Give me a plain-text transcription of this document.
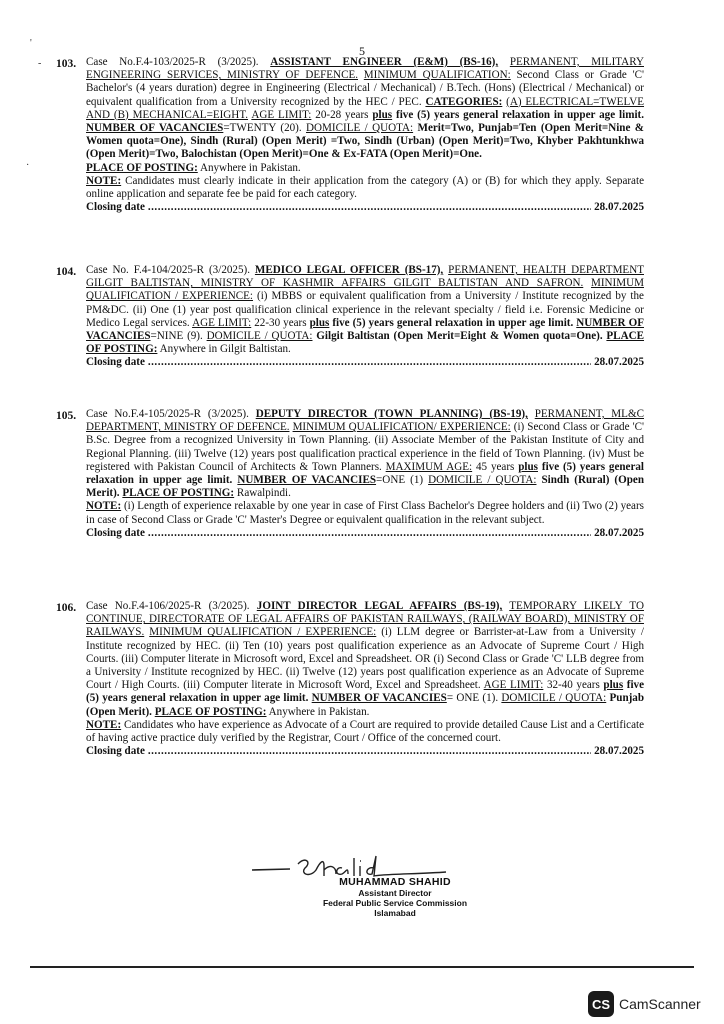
5
'
-
·
103. Case No.F.4-103/2025-R (3/2025). ASSISTANT ENGINEER (E&M) (BS-16), PERMANENT, MILITARY ENGINEERING SERVICES, MINISTRY OF DEFENCE. MINIMUM QUALIFICATION: Second Class or Grade 'C' Bachelor's (4 years duration) degree in Engineering (Electrical / Mechanical) / B.Tech. (Hons) (Electrical / Mechanical) or equivalent qualification from a University recognized by the HEC / PEC. CATEGORIES: (A) ELECTRICAL=TWELVE AND (B) MECHANICAL=EIGHT. AGE LIMIT: 20-28 years plus five (5) years general relaxation in upper age limit. NUMBER OF VACANCIES=TWENTY (20). DOMICILE / QUOTA: Merit=Two, Punjab=Ten (Open Merit=Nine & Women quota=One), Sindh (Rural) (Open Merit) =Two, Sindh (Urban) (Open Merit)=Two, Khyber Pakhtunkhwa (Open Merit)=Two, Balochistan (Open Merit)=One & Ex-FATA (Open Merit)=One.
PLACE OF POSTING: Anywhere in Pakistan.
NOTE: Candidates must clearly indicate in their application from the category (A) or (B) for which they apply. Separate online application and separate fee be paid for each category.
Closing date .....	28.07.2025
104. Case No. F.4-104/2025-R (3/2025). MEDICO LEGAL OFFICER (BS-17), PERMANENT, HEALTH DEPARTMENT GILGIT BALTISTAN, MINISTRY OF KASHMIR AFFAIRS GILGIT BALTISTAN AND SAFRON. MINIMUM QUALIFICATION / EXPERIENCE: (i) MBBS or equivalent qualification from a University / Institute recognized by the PM&DC. (ii) One (1) year post qualification clinical experience in the relevant specialty / field i.e. Forensic Medicine or Medico Legal services. AGE LIMIT: 22-30 years plus five (5) years general relaxation in upper age limit. NUMBER OF VACANCIES=NINE (9). DOMICILE / QUOTA: Gilgit Baltistan (Open Merit=Eight & Women quota=One). PLACE OF POSTING: Anywhere in Gilgit Baltistan.
Closing date .....	28.07.2025
105. Case No.F.4-105/2025-R (3/2025). DEPUTY DIRECTOR (TOWN PLANNING) (BS-19), PERMANENT, ML&C DEPARTMENT, MINISTRY OF DEFENCE. MINIMUM QUALIFICATION/ EXPERIENCE: (i) Second Class or Grade 'C' B.Sc. Degree from a recognized University in Town Planning. (ii) Associate Member of the Pakistan Institute of City and Regional Planning. (iii) Twelve (12) years post qualification practical experience in the field of Town Planning. (iv) Must be registered with Pakistan Council of Architects & Town Planners. MAXIMUM AGE: 45 years plus five (5) years general relaxation in upper age limit. NUMBER OF VACANCIES=ONE (1) DOMICILE / QUOTA: Sindh (Rural) (Open Merit). PLACE OF POSTING: Rawalpindi.
NOTE: (i) Length of experience relaxable by one year in case of First Class Bachelor's Degree holders and (ii) Two (2) years in case of Second Class or Grade 'C' Master's Degree or equivalent qualification in the relevant subject.
Closing date .....	28.07.2025
106. Case No.F.4-106/2025-R (3/2025). JOINT DIRECTOR LEGAL AFFAIRS (BS-19), TEMPORARY LIKELY TO CONTINUE, DIRECTORATE OF LEGAL AFFAIRS OF PAKISTAN RAILWAYS, (RAILWAY BOARD), MINISTRY OF RAILWAYS. MINIMUM QUALIFICATION / EXPERIENCE: (i) LLM degree or Barrister-at-Law from a University / Institute recognized by HEC. (ii) Ten (10) years post qualification experience as an Advocate of Supreme Court / High Courts. (iii) Computer literate in Microsoft word, Excel and Spreadsheet. OR (i) Second Class or Grade 'C' LLB degree from a University / Institute recognized by HEC. (ii) Twelve (12) years post qualification experience as an Advocate of Supreme Court / High Courts. (iii) Computer literate in Microsoft Word, Excel and Spreadsheet. AGE LIMIT: 32-40 years plus five (5) years general relaxation in upper age limit. NUMBER OF VACANCIES= ONE (1). DOMICILE / QUOTA: Punjab (Open Merit). PLACE OF POSTING: Anywhere in Pakistan.
NOTE: Candidates who have experience as Advocate of a Court are required to provide detailed Cause List and a Certificate of having active practice duly verified by the Registrar, Court / Office of the concerned court.
Closing date .....	28.07.2025
MUHAMMAD SHAHID
Assistant Director
Federal Public Service Commission
Islamabad
CS CamScanner
